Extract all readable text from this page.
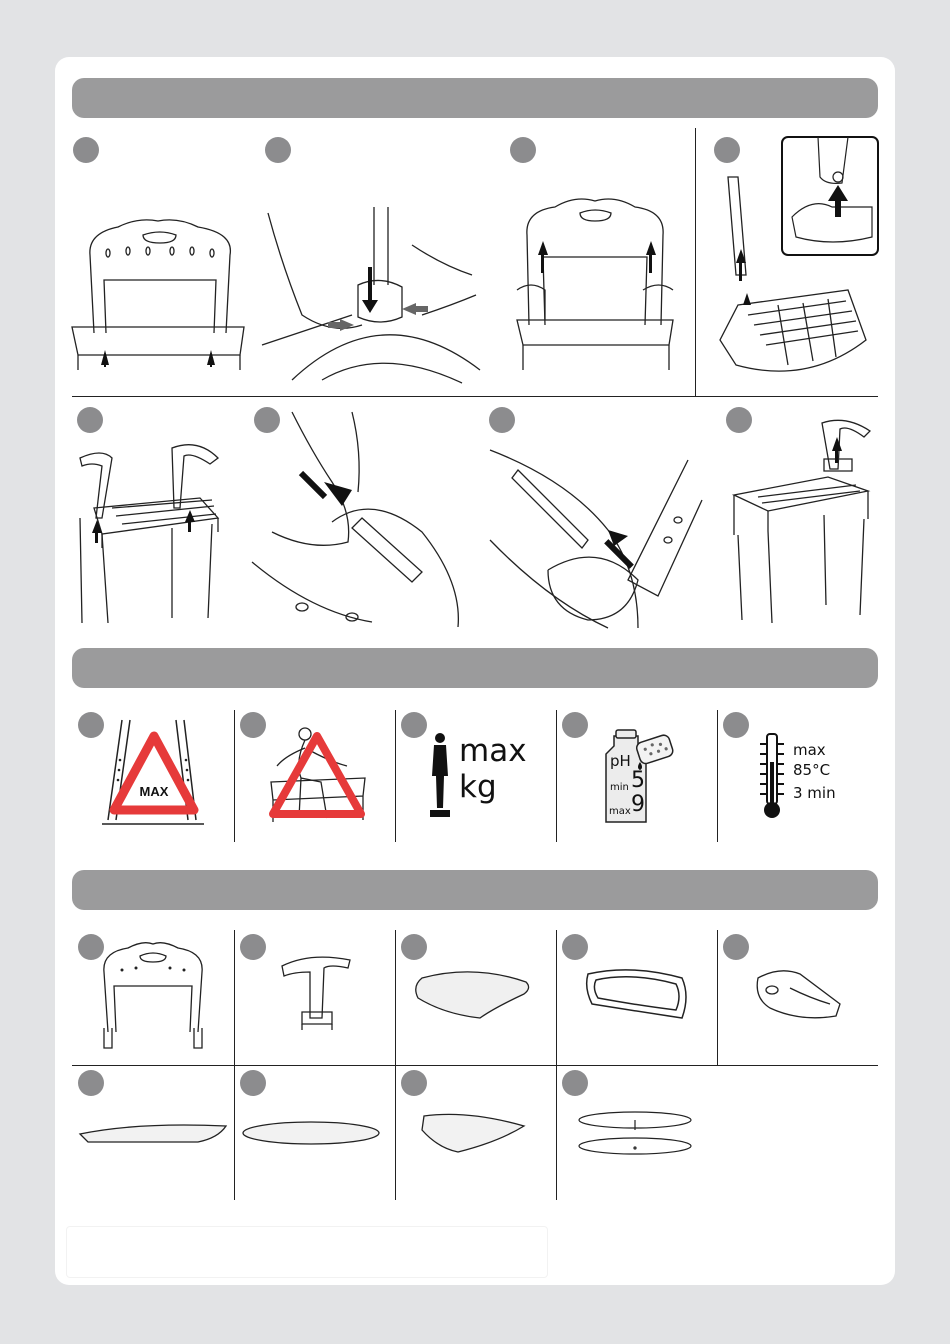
MAX
max
kg
pH
min 5
max 9
max
85°C
3 min
